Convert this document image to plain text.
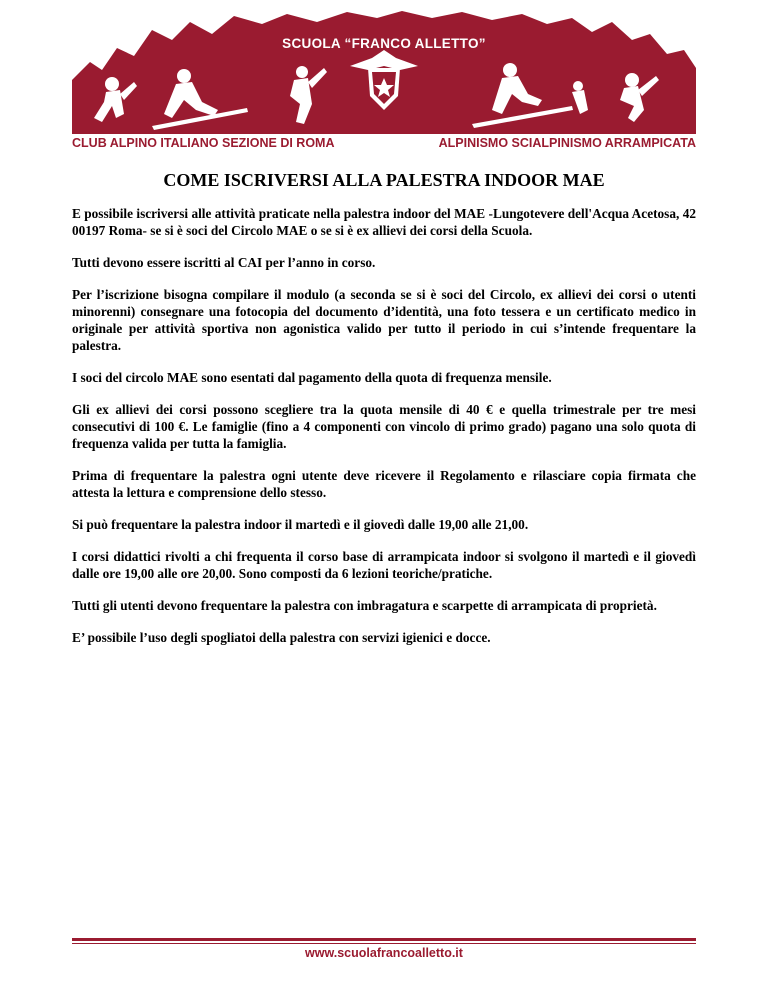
SCUOLA “FRANCO ALLETTO”
CLUB ALPINO ITALIANO SEZIONE DI ROMA	ALPINISMO SCIALPINISMO ARRAMPICATA
COME ISCRIVERSI ALLA PALESTRA INDOOR MAE

E possibile iscriversi alle attività praticate nella palestra indoor del MAE -Lungotevere dell'Acqua Acetosa, 42 00197 Roma- se si è soci del Circolo MAE o se si è ex allievi dei corsi della Scuola.

Tutti devono essere iscritti al CAI per l’anno in corso.

Per l’iscrizione bisogna compilare il modulo (a seconda se si è soci del Circolo, ex allievi dei corsi o utenti minorenni) consegnare una fotocopia del documento d’identità, una foto tessera e un certificato medico in originale per attività sportiva non agonistica valido per tutto il periodo in cui s’intende frequentare la palestra.

I soci del circolo MAE sono esentati dal pagamento della quota di frequenza mensile.

Gli ex allievi dei corsi possono scegliere tra la quota mensile di 40 € e quella trimestrale per tre mesi consecutivi di 100 €. Le famiglie (fino a 4 componenti con vincolo di primo grado) pagano una solo quota di frequenza valida per tutta la famiglia.

Prima di frequentare la palestra ogni utente deve ricevere il Regolamento e rilasciare copia firmata che attesta la lettura e comprensione dello stesso.

Si può frequentare la palestra indoor il martedì e il giovedì dalle 19,00 alle 21,00.

I corsi didattici rivolti a chi frequenta il corso base di arrampicata indoor si svolgono il martedì e il giovedì dalle ore 19,00 alle ore 20,00. Sono composti da 6 lezioni teoriche/pratiche.

Tutti gli utenti devono frequentare la palestra con imbragatura e scarpette di arrampicata di proprietà.

E’ possibile l’uso degli spogliatoi della palestra con servizi igienici e docce.

www.scuolafrancoalletto.it
